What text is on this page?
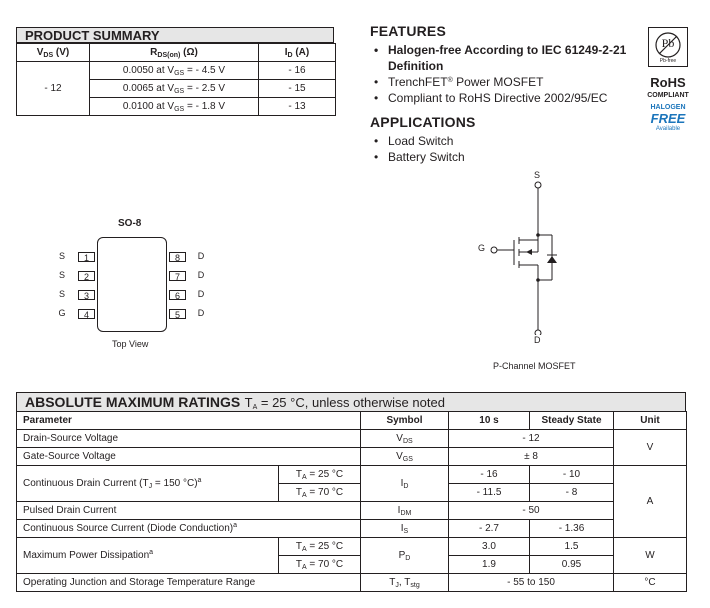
PRODUCT SUMMARY
$V_{DS}$ (V)	$R_{DS(on)}$ (Ω)	$I_D$ (A)
- 12	0.0050 at $V_{GS}$ = - 4.5 V	- 16
	0.0065 at $V_{GS}$ = - 2.5 V	- 15
	0.0100 at $V_{GS}$ = - 1.8 V	- 13
FEATURES
• Halogen-free According to IEC 61249-2-21
Definition
• TrenchFET® Power MOSFET
• Compliant to RoHS Directive 2002/95/EC
APPLICATIONS
• Load Switch
• Battery Switch
Pb
Pb-free
RoHS
COMPLIANT
HALOGEN
FREE
Available
SO-8
S
S
S
G
1
2
3
4
8
7
6
5
D
D
D
D
Top View
S
G
D
P-Channel MOSFET
ABSOLUTE MAXIMUM RATINGS $T_A = 25$ °C, unless otherwise noted
Parameter		Symbol	10 s	Steady State	Unit
Drain-Source Voltage		$V_{DS}$	- 12		V
Gate-Source Voltage		$V_{GS}$	± 8		
Continuous Drain Current ($T_J = 150$ °C)$^a$	$T_A = 25$ °C	$I_D$	- 16	- 10	A
	$T_A = 70$ °C		- 11.5	- 8	
Pulsed Drain Current		$I_{DM}$	- 50		
Continuous Source Current (Diode Conduction)$^a$		$I_S$	- 2.7	- 1.36	
Maximum Power Dissipation$^a$	$T_A = 25$ °C	$P_D$	3.0	1.5	W
	$T_A = 70$ °C		1.9	0.95	
Operating Junction and Storage Temperature Range		$T_J$, $T_{stg}$	- 55 to 150		°C
